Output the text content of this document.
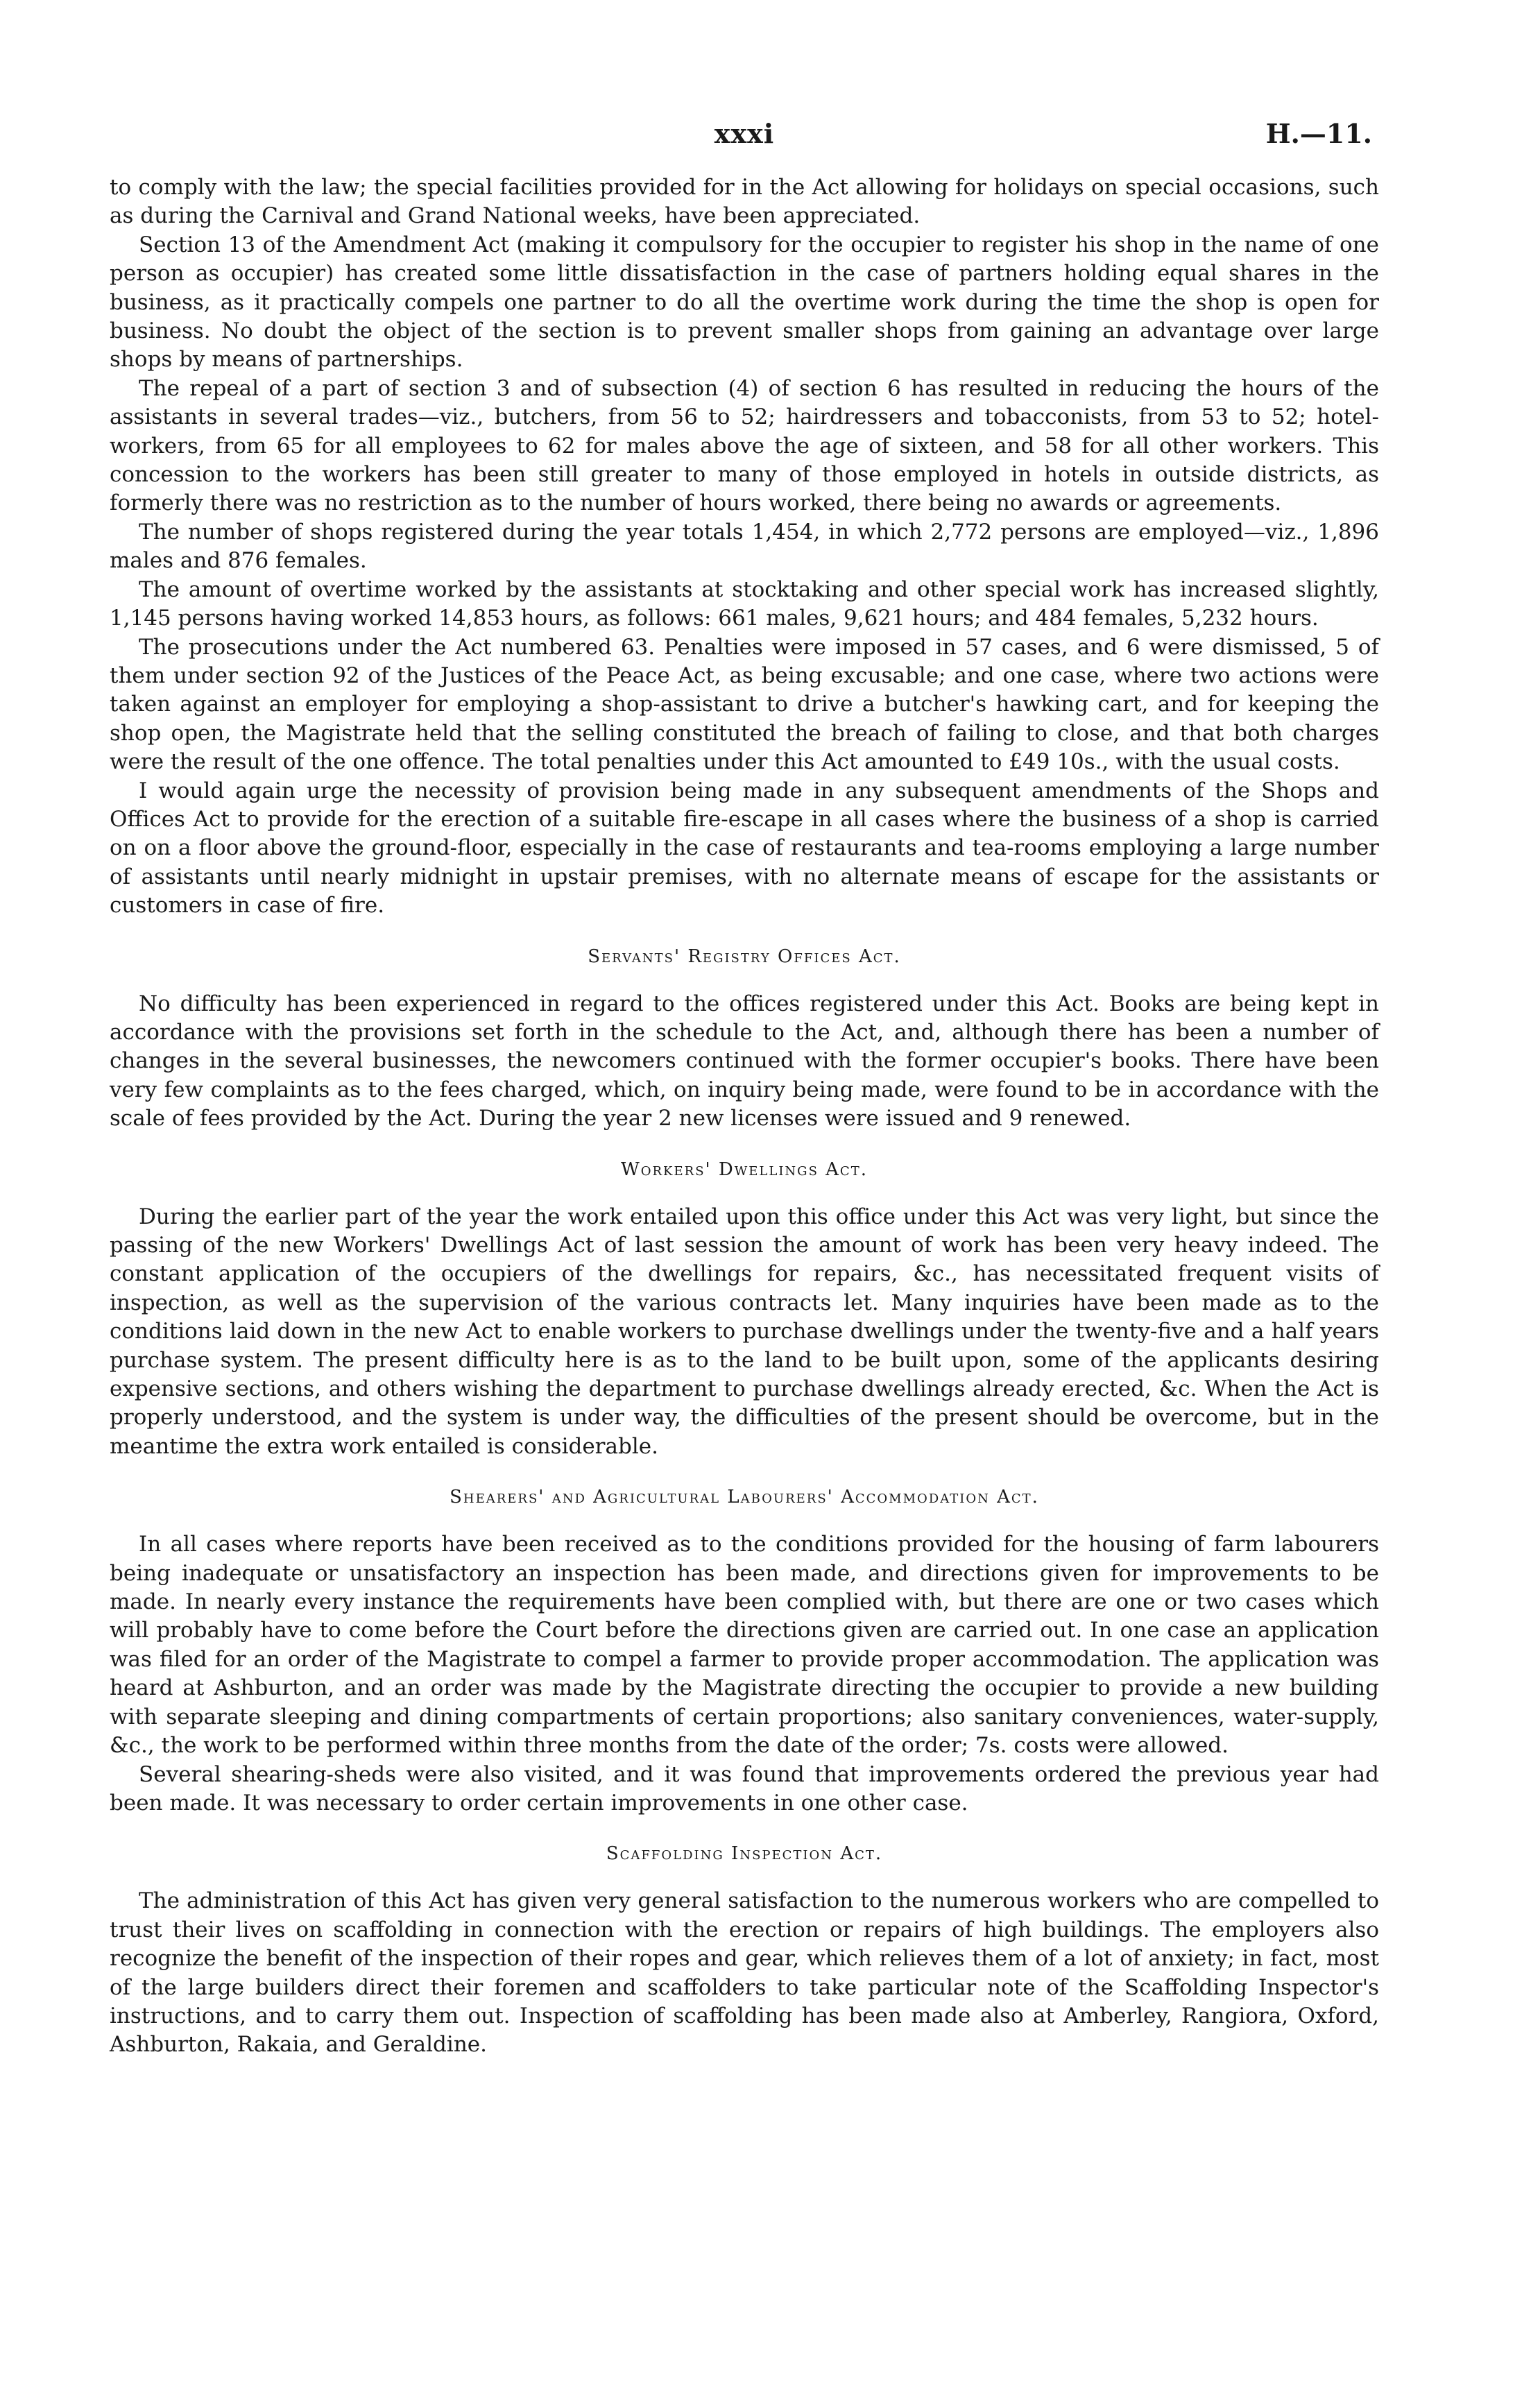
xxxi	H.—11.

to comply with the law; the special facilities provided for in the Act allowing for holidays on special occasions, such as during the Carnival and Grand National weeks, have been appreciated.

Section 13 of the Amendment Act (making it compulsory for the occupier to register his shop in the name of one person as occupier) has created some little dissatisfaction in the case of partners holding equal shares in the business, as it practically compels one partner to do all the overtime work during the time the shop is open for business. No doubt the object of the section is to prevent smaller shops from gaining an advantage over large shops by means of partnerships.

The repeal of a part of section 3 and of subsection (4) of section 6 has resulted in reducing the hours of the assistants in several trades—viz., butchers, from 56 to 52; hairdressers and tobacconists, from 53 to 52; hotel-workers, from 65 for all employees to 62 for males above the age of sixteen, and 58 for all other workers. This concession to the workers has been still greater to many of those employed in hotels in outside districts, as formerly there was no restriction as to the number of hours worked, there being no awards or agreements.

The number of shops registered during the year totals 1,454, in which 2,772 persons are employed—viz., 1,896 males and 876 females.

The amount of overtime worked by the assistants at stocktaking and other special work has increased slightly, 1,145 persons having worked 14,853 hours, as follows: 661 males, 9,621 hours; and 484 females, 5,232 hours.

The prosecutions under the Act numbered 63. Penalties were imposed in 57 cases, and 6 were dismissed, 5 of them under section 92 of the Justices of the Peace Act, as being excusable; and one case, where two actions were taken against an employer for employing a shop-assistant to drive a butcher's hawking cart, and for keeping the shop open, the Magistrate held that the selling constituted the breach of failing to close, and that both charges were the result of the one offence. The total penalties under this Act amounted to £49 10s., with the usual costs.

I would again urge the necessity of provision being made in any subsequent amendments of the Shops and Offices Act to provide for the erection of a suitable fire-escape in all cases where the business of a shop is carried on on a floor above the ground-floor, especially in the case of restaurants and tea-rooms employing a large number of assistants until nearly midnight in upstair premises, with no alternate means of escape for the assistants or customers in case of fire.

Servants' Registry Offices Act.

No difficulty has been experienced in regard to the offices registered under this Act. Books are being kept in accordance with the provisions set forth in the schedule to the Act, and, although there has been a number of changes in the several businesses, the newcomers continued with the former occupier's books. There have been very few complaints as to the fees charged, which, on inquiry being made, were found to be in accordance with the scale of fees provided by the Act. During the year 2 new licenses were issued and 9 renewed.

Workers' Dwellings Act.

During the earlier part of the year the work entailed upon this office under this Act was very light, but since the passing of the new Workers' Dwellings Act of last session the amount of work has been very heavy indeed. The constant application of the occupiers of the dwellings for repairs, &c., has necessitated frequent visits of inspection, as well as the supervision of the various contracts let. Many inquiries have been made as to the conditions laid down in the new Act to enable workers to purchase dwellings under the twenty-five and a half years purchase system. The present difficulty here is as to the land to be built upon, some of the applicants desiring expensive sections, and others wishing the department to purchase dwellings already erected, &c. When the Act is properly understood, and the system is under way, the difficulties of the present should be overcome, but in the meantime the extra work entailed is considerable.

Shearers' and Agricultural Labourers' Accommodation Act.

In all cases where reports have been received as to the conditions provided for the housing of farm labourers being inadequate or unsatisfactory an inspection has been made, and directions given for improvements to be made. In nearly every instance the requirements have been complied with, but there are one or two cases which will probably have to come before the Court before the directions given are carried out. In one case an application was filed for an order of the Magistrate to compel a farmer to provide proper accommodation. The application was heard at Ashburton, and an order was made by the Magistrate directing the occupier to provide a new building with separate sleeping and dining compartments of certain proportions; also sanitary conveniences, water-supply, &c., the work to be performed within three months from the date of the order; 7s. costs were allowed.

Several shearing-sheds were also visited, and it was found that improvements ordered the previous year had been made. It was necessary to order certain improvements in one other case.

Scaffolding Inspection Act.

The administration of this Act has given very general satisfaction to the numerous workers who are compelled to trust their lives on scaffolding in connection with the erection or repairs of high buildings. The employers also recognize the benefit of the inspection of their ropes and gear, which relieves them of a lot of anxiety; in fact, most of the large builders direct their foremen and scaffolders to take particular note of the Scaffolding Inspector's instructions, and to carry them out. Inspection of scaffolding has been made also at Amberley, Rangiora, Oxford, Ashburton, Rakaia, and Geraldine.
